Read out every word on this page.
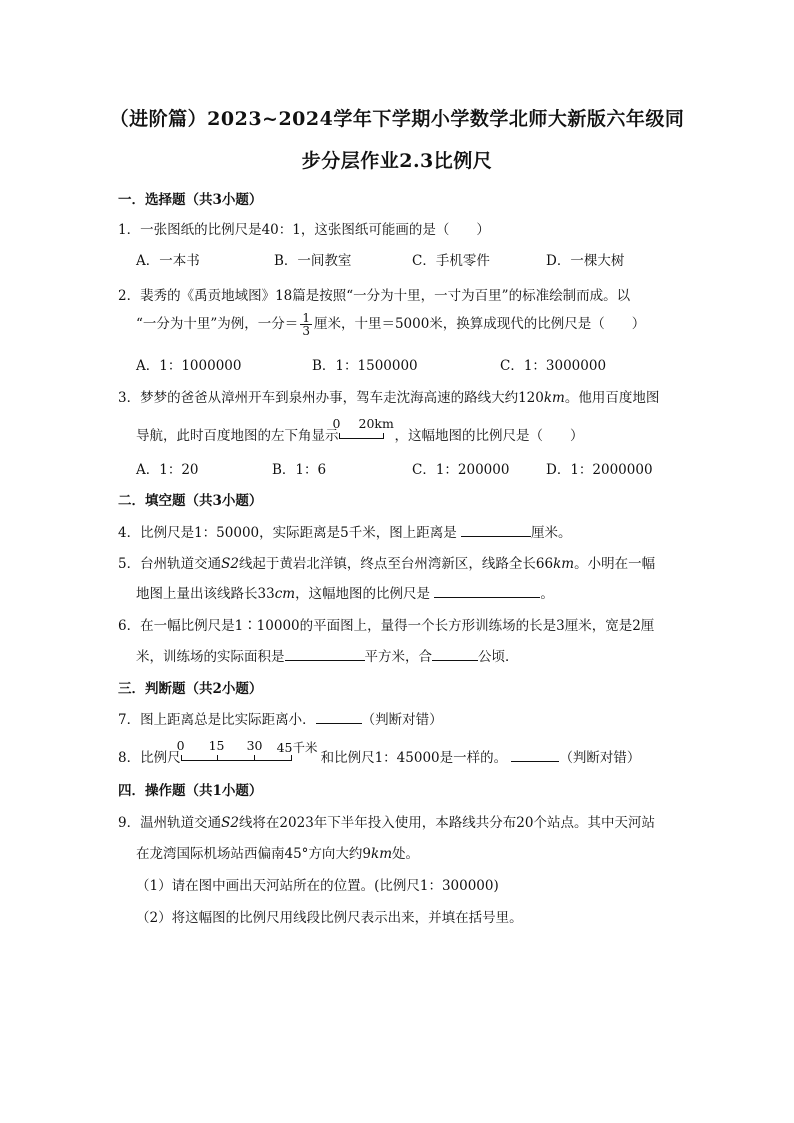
（进阶篇）2023~2024学年下学期小学数学北师大新版六年级同
步分层作业2.3比例尺
一．选择题（共3小题）
1．一张图纸的比例尺是40：1，这张图纸可能画的是（　　）
A．一本书	B．一间教室	C．手机零件	D．一棵大树
2．裴秀的《禹贡地域图》18篇是按照“一分为十里，一寸为百里”的标准绘制而成。以
“一分为十里”为例，一分＝ $\frac{1}{3}$ 厘米，十里＝5000米，换算成现代的比例尺是（　　）
A．1：1000000	B．1：1500000	C．1：3000000
3．梦梦的爸爸从漳州开车到泉州办事，驾车走沈海高速的路线大约120km。他用百度地图
导航，此时百度地图的左下角显示
0 20km
，这幅地图的比例尺是（　　）
A．1：20	B．1：6	C．1：200000	D．1：2000000
二．填空题（共3小题）
4．比例尺是1：50000，实际距离是5千米，图上距离是	厘米。
5．台州轨道交通S2线起于黄岩北洋镇，终点至台州湾新区，线路全长66km。小明在一幅
地图上量出该线路长33cm，这幅地图的比例尺是	。
6．在一幅比例尺是1∶10000的平面图上，量得一个长方形训练场的长是3厘米，宽是2厘
米，训练场的实际面积是	平方米，合	公顷．
三．判断题（共2小题）
7．图上距离总是比实际距离小．	（判断对错）
8．比例尺
0 15 30 45千米
和比例尺1：45000是一样的。	（判断对错）
四．操作题（共1小题）
9．温州轨道交通S2线将在2023年下半年投入使用，本路线共分布20个站点。其中天河站
在龙湾国际机场站西偏南45°方向大约9km处。
（1）请在图中画出天河站所在的位置。(比例尺1：300000)
（2）将这幅图的比例尺用线段比例尺表示出来，并填在括号里。
